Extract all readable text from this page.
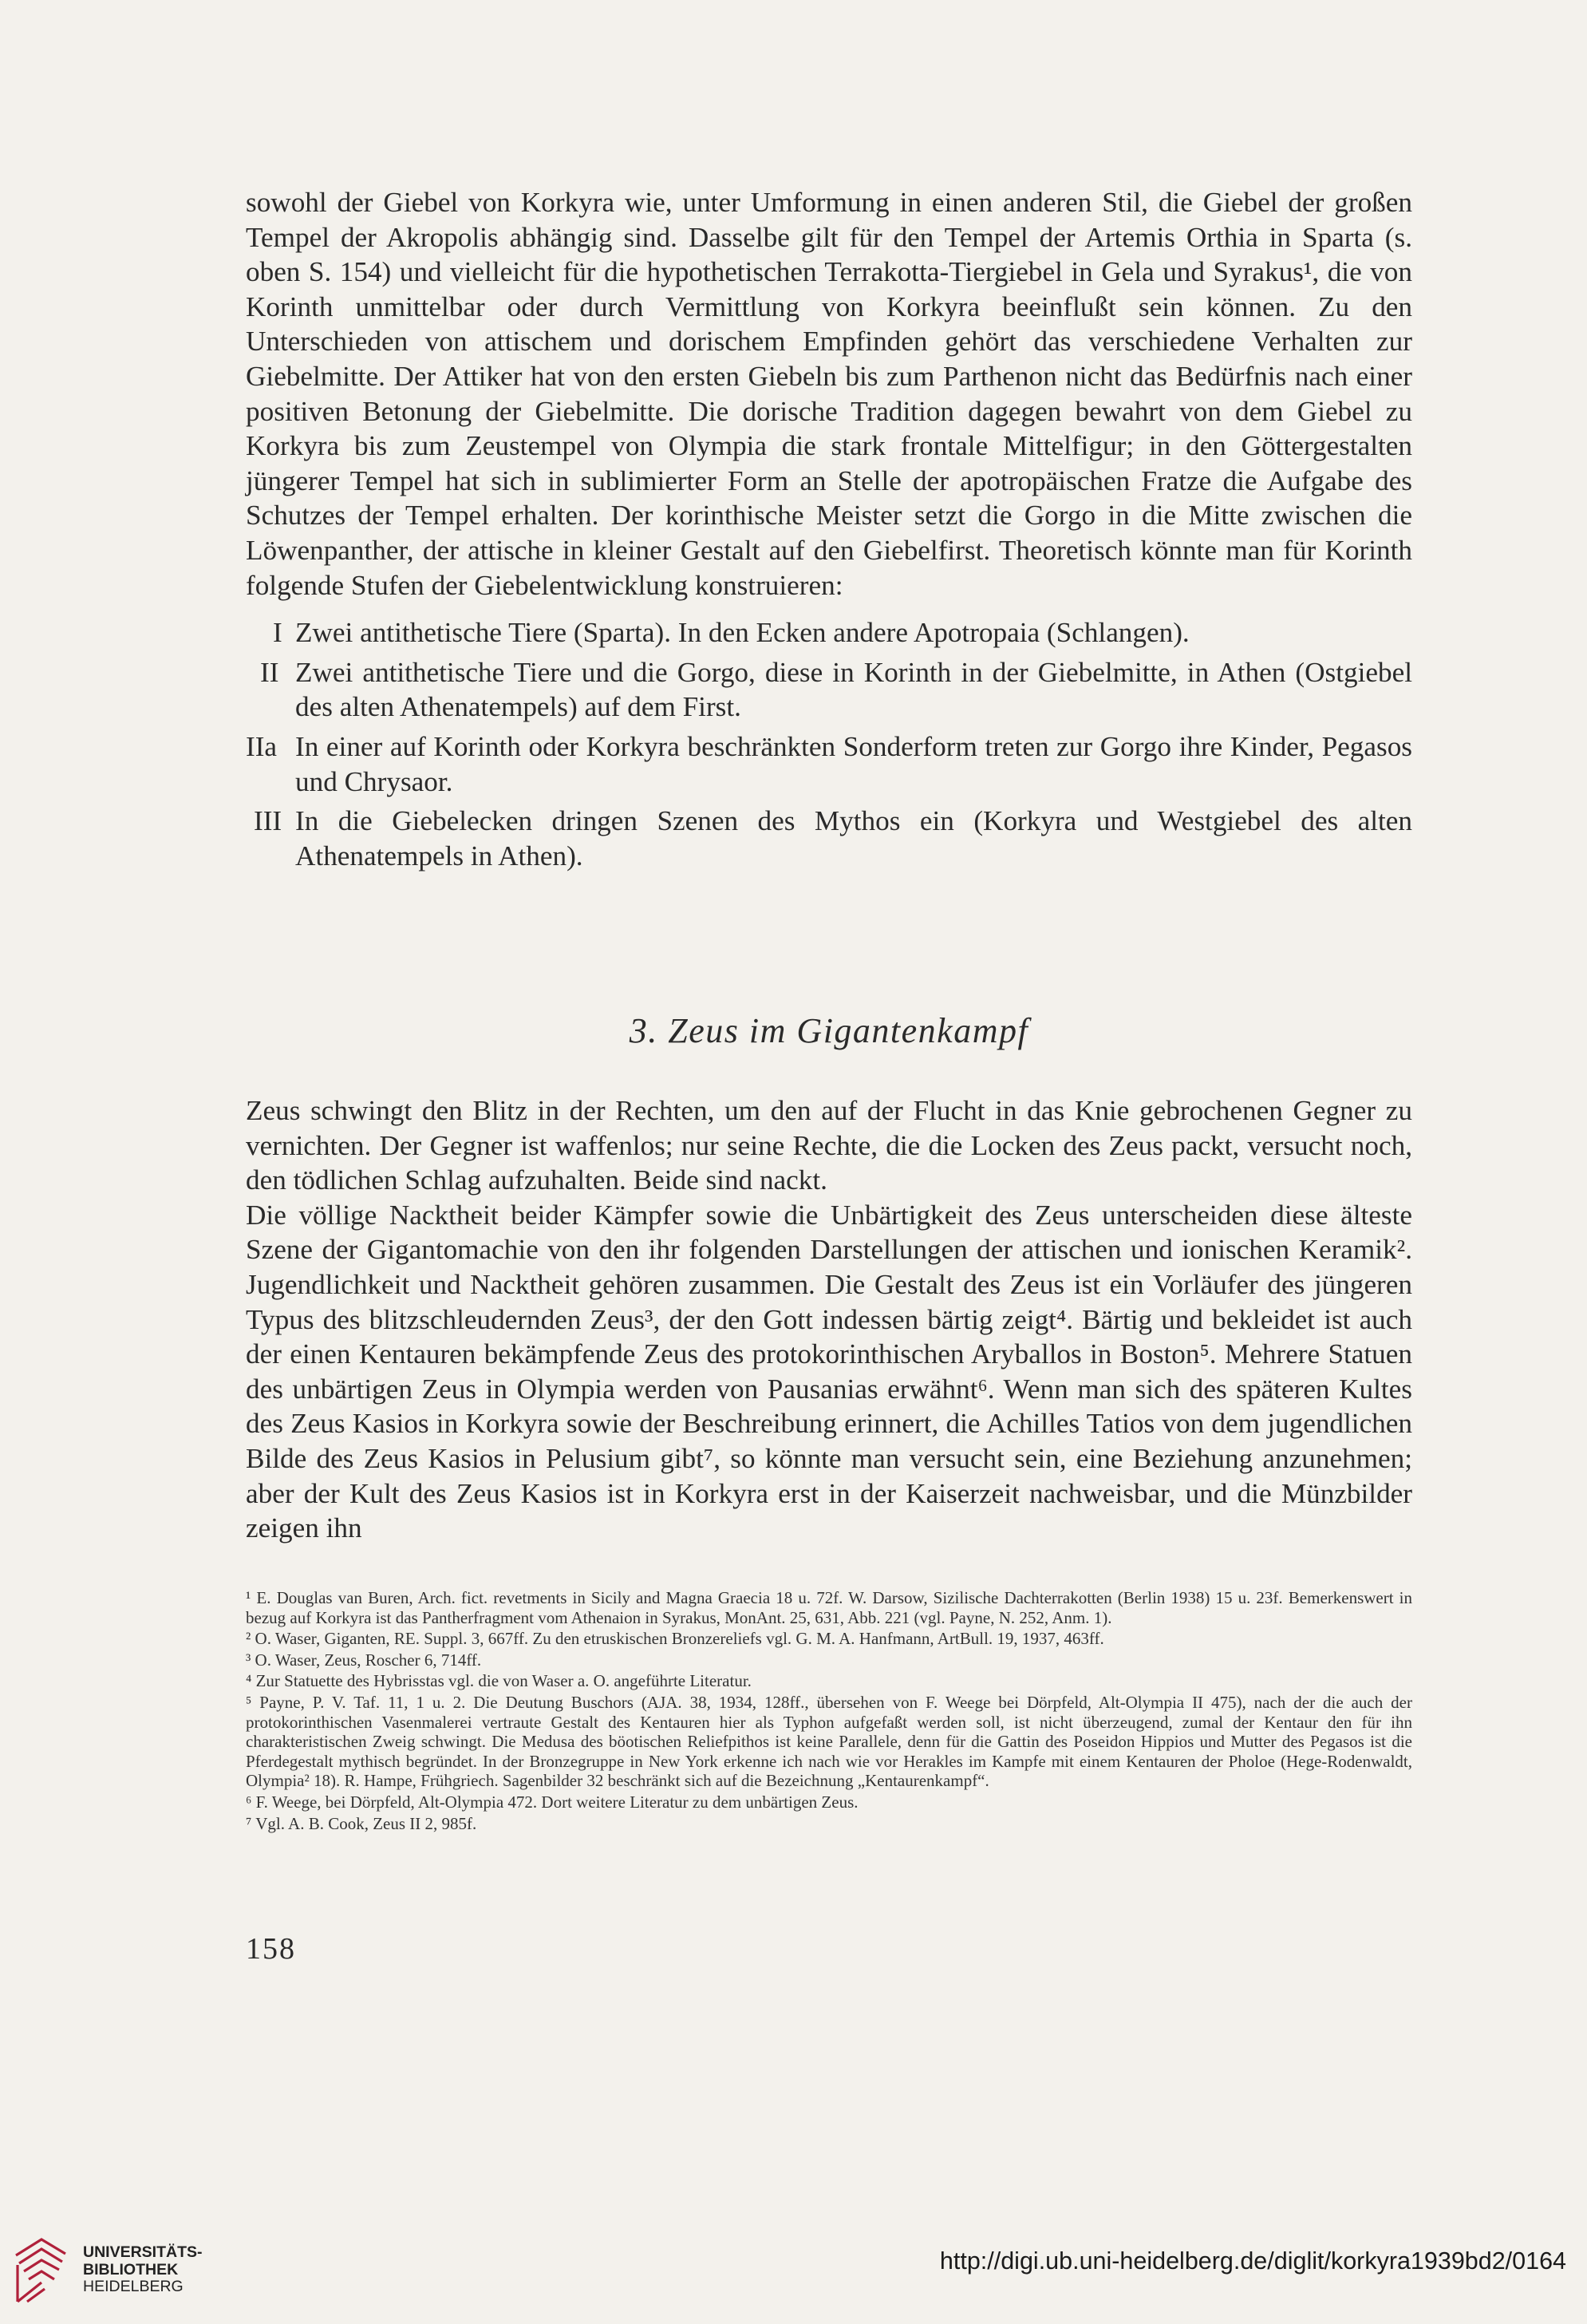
sowohl der Giebel von Korkyra wie, unter Umformung in einen anderen Stil, die Giebel der großen Tempel der Akropolis abhängig sind. Dasselbe gilt für den Tempel der Artemis Orthia in Sparta (s. oben S. 154) und vielleicht für die hypothetischen Terrakotta-Tiergiebel in Gela und Syrakus¹, die von Korinth unmittelbar oder durch Vermittlung von Korkyra beeinflußt sein können. Zu den Unterschieden von attischem und dorischem Empfinden gehört das verschiedene Verhalten zur Giebelmitte. Der Attiker hat von den ersten Giebeln bis zum Parthenon nicht das Bedürfnis nach einer positiven Betonung der Giebelmitte. Die dorische Tradition dagegen bewahrt von dem Giebel zu Korkyra bis zum Zeustempel von Olympia die stark frontale Mittelfigur; in den Göttergestalten jüngerer Tempel hat sich in sublimierter Form an Stelle der apotropäischen Fratze die Aufgabe des Schutzes der Tempel erhalten. Der korinthische Meister setzt die Gorgo in die Mitte zwischen die Löwenpanther, der attische in kleiner Gestalt auf den Giebelfirst. Theoretisch könnte man für Korinth folgende Stufen der Giebelentwicklung konstruieren:

I Zwei antithetische Tiere (Sparta). In den Ecken andere Apotropaia (Schlangen).
II Zwei antithetische Tiere und die Gorgo, diese in Korinth in der Giebelmitte, in Athen (Ostgiebel des alten Athenatempels) auf dem First.
IIa In einer auf Korinth oder Korkyra beschränkten Sonderform treten zur Gorgo ihre Kinder, Pegasos und Chrysaor.
III In die Giebelecken dringen Szenen des Mythos ein (Korkyra und Westgiebel des alten Athenatempels in Athen).
3. Zeus im Gigantenkampf

Zeus schwingt den Blitz in der Rechten, um den auf der Flucht in das Knie gebrochenen Gegner zu vernichten. Der Gegner ist waffenlos; nur seine Rechte, die die Locken des Zeus packt, versucht noch, den tödlichen Schlag aufzuhalten. Beide sind nackt.

Die völlige Nacktheit beider Kämpfer sowie die Unbärtigkeit des Zeus unterscheiden diese älteste Szene der Gigantomachie von den ihr folgenden Darstellungen der attischen und ionischen Keramik². Jugendlichkeit und Nacktheit gehören zusammen. Die Gestalt des Zeus ist ein Vorläufer des jüngeren Typus des blitzschleudernden Zeus³, der den Gott indessen bärtig zeigt⁴. Bärtig und bekleidet ist auch der einen Kentauren bekämpfende Zeus des protokorinthischen Aryballos in Boston⁵. Mehrere Statuen des unbärtigen Zeus in Olympia werden von Pausanias erwähnt⁶. Wenn man sich des späteren Kultes des Zeus Kasios in Korkyra sowie der Beschreibung erinnert, die Achilles Tatios von dem jugendlichen Bilde des Zeus Kasios in Pelusium gibt⁷, so könnte man versucht sein, eine Beziehung anzunehmen; aber der Kult des Zeus Kasios ist in Korkyra erst in der Kaiserzeit nachweisbar, und die Münzbilder zeigen ihn

¹ E. Douglas van Buren, Arch. fict. revetments in Sicily and Magna Graecia 18 u. 72f. W. Darsow, Sizilische Dachterrakotten (Berlin 1938) 15 u. 23f. Bemerkenswert in bezug auf Korkyra ist das Pantherfragment vom Athenaion in Syrakus, MonAnt. 25, 631, Abb. 221 (vgl. Payne, N. 252, Anm. 1).

² O. Waser, Giganten, RE. Suppl. 3, 667ff. Zu den etruskischen Bronzereliefs vgl. G. M. A. Hanfmann, ArtBull. 19, 1937, 463ff.

³ O. Waser, Zeus, Roscher 6, 714ff.

⁴ Zur Statuette des Hybrisstas vgl. die von Waser a. O. angeführte Literatur.

⁵ Payne, P. V. Taf. 11, 1 u. 2. Die Deutung Buschors (AJA. 38, 1934, 128ff., übersehen von F. Weege bei Dörpfeld, Alt-Olympia II 475), nach der die auch der protokorinthischen Vasenmalerei vertraute Gestalt des Kentauren hier als Typhon aufgefaßt werden soll, ist nicht überzeugend, zumal der Kentaur den für ihn charakteristischen Zweig schwingt. Die Medusa des böotischen Reliefpithos ist keine Parallele, denn für die Gattin des Poseidon Hippios und Mutter des Pegasos ist die Pferdegestalt mythisch begründet. In der Bronzegruppe in New York erkenne ich nach wie vor Herakles im Kampfe mit einem Kentauren der Pholoe (Hege-Rodenwaldt, Olympia² 18). R. Hampe, Frühgriech. Sagenbilder 32 beschränkt sich auf die Bezeichnung „Kentaurenkampf“.

⁶ F. Weege, bei Dörpfeld, Alt-Olympia 472. Dort weitere Literatur zu dem unbärtigen Zeus.

⁷ Vgl. A. B. Cook, Zeus II 2, 985f.

158
UNIVERSITÄTS-
BIBLIOTHEK
HEIDELBERG
http://digi.ub.uni-heidelberg.de/diglit/korkyra1939bd2/0164
